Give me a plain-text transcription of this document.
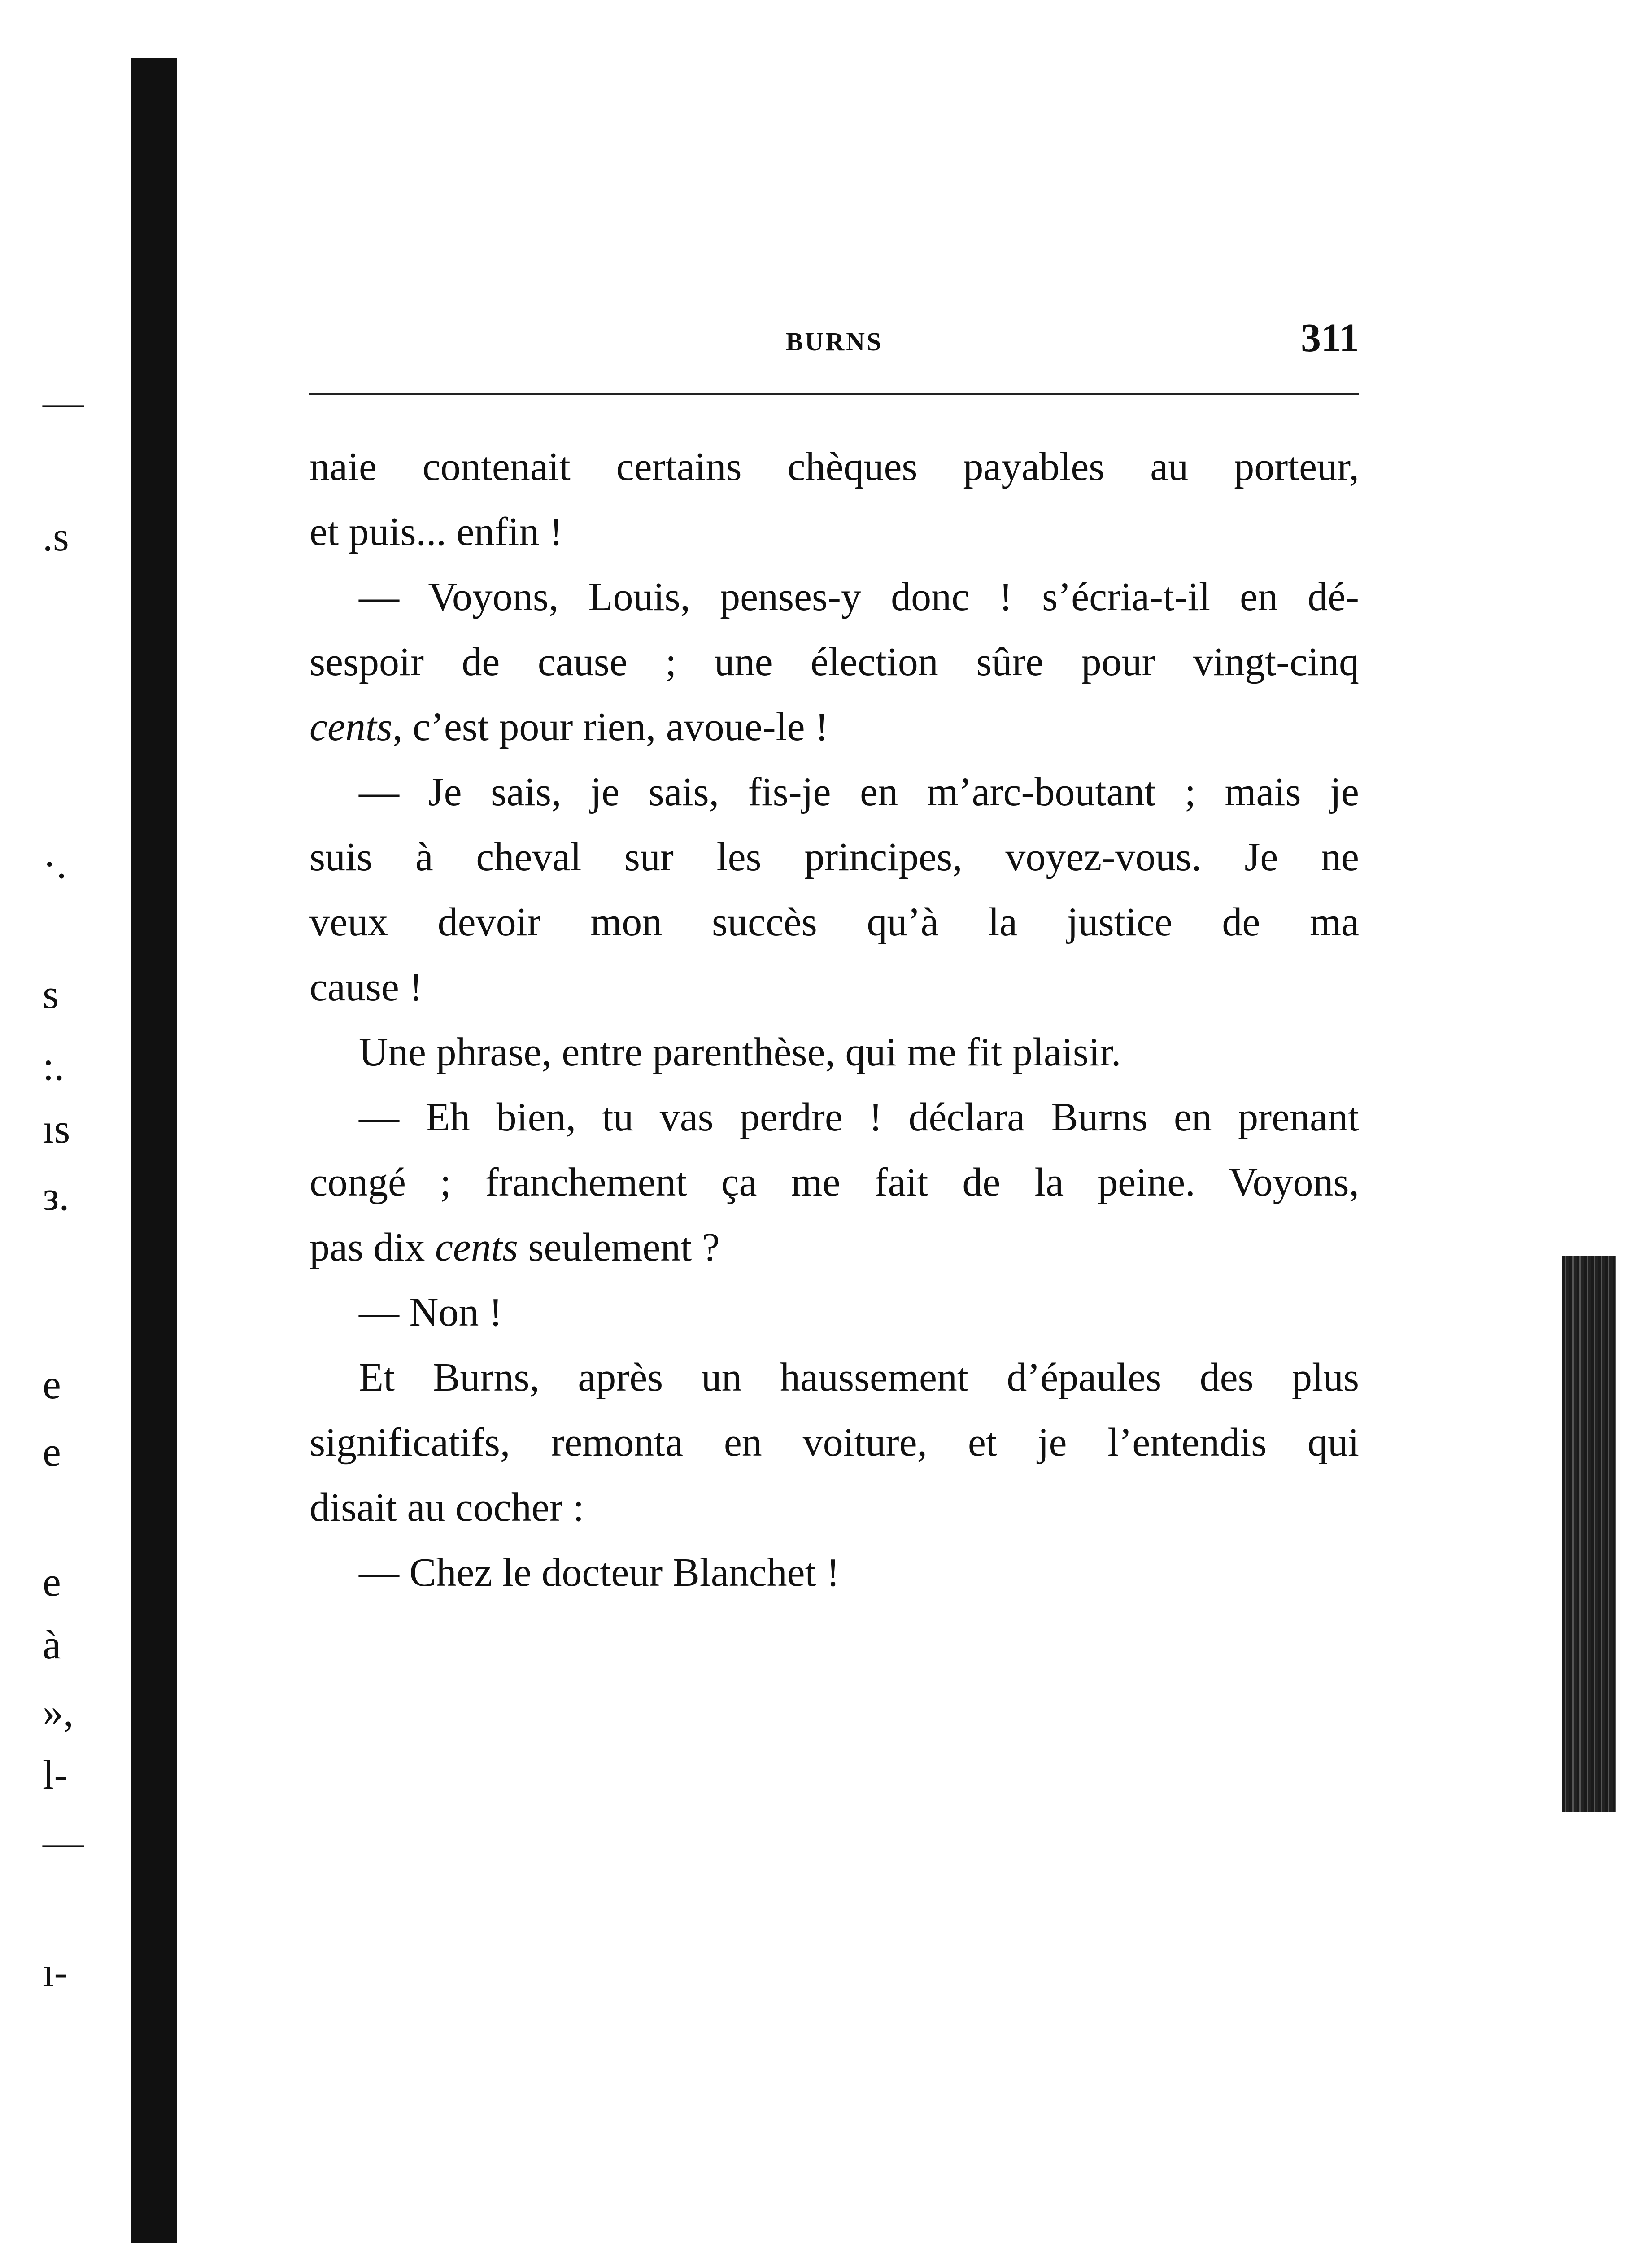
—
.s
·.
s
:.
ıs
з.
e
e
e
à
»,
l-
—
ı-
BURNS	311
naie contenait certains chèques payables au porteur,
et puis... enfin !
— Voyons, Louis, penses-y donc ! s’écria-t-il en dé-
sespoir de cause ; une élection sûre pour vingt-cinq
cents, c’est pour rien, avoue-le !
— Je sais, je sais, fis-je en m’arc-boutant ; mais je
suis à cheval sur les principes, voyez-vous. Je ne
veux devoir mon succès qu’à la justice de ma
cause !
Une phrase, entre parenthèse, qui me fit plaisir.
— Eh bien, tu vas perdre ! déclara Burns en prenant
congé ; franchement ça me fait de la peine. Voyons,
pas dix cents seulement ?
— Non !
Et Burns, après un haussement d’épaules des plus
significatifs, remonta en voiture, et je l’entendis qui
disait au cocher :
— Chez le docteur Blanchet !
